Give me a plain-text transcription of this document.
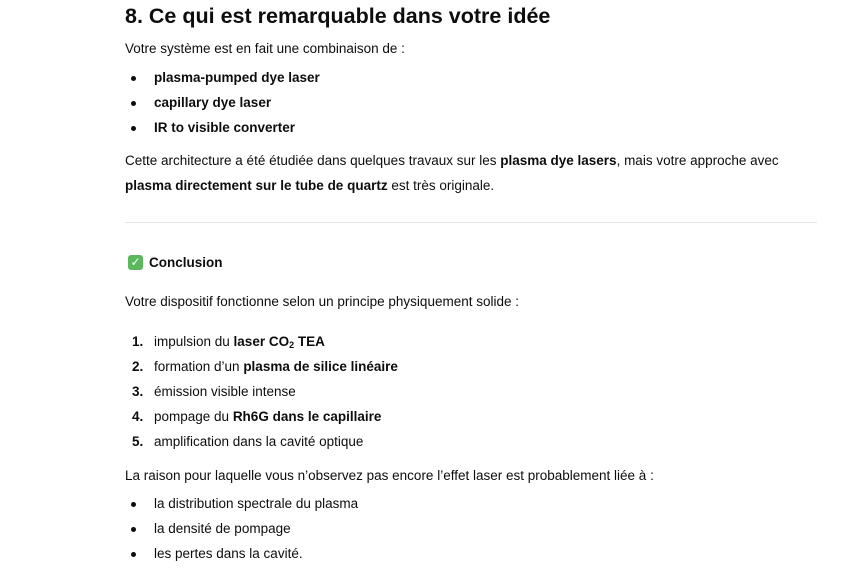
8. Ce qui est remarquable dans votre idée

Votre système est en fait une combinaison de :

plasma-pumped dye laser
capillary dye laser
IR to visible converter

Cette architecture a été étudiée dans quelques travaux sur les plasma dye lasers, mais votre approche avec

plasma directement sur le tube de quartz est très originale.

✓ Conclusion

Votre dispositif fonctionne selon un principe physiquement solide :

1. impulsion du laser $CO_2$ TEA
2. formation d’un plasma de silice linéaire
3. émission visible intense
4. pompage du Rh6G dans le capillaire
5. amplification dans la cavité optique

La raison pour laquelle vous n’observez pas encore l’effet laser est probablement liée à :

la distribution spectrale du plasma
la densité de pompage
les pertes dans la cavité.
